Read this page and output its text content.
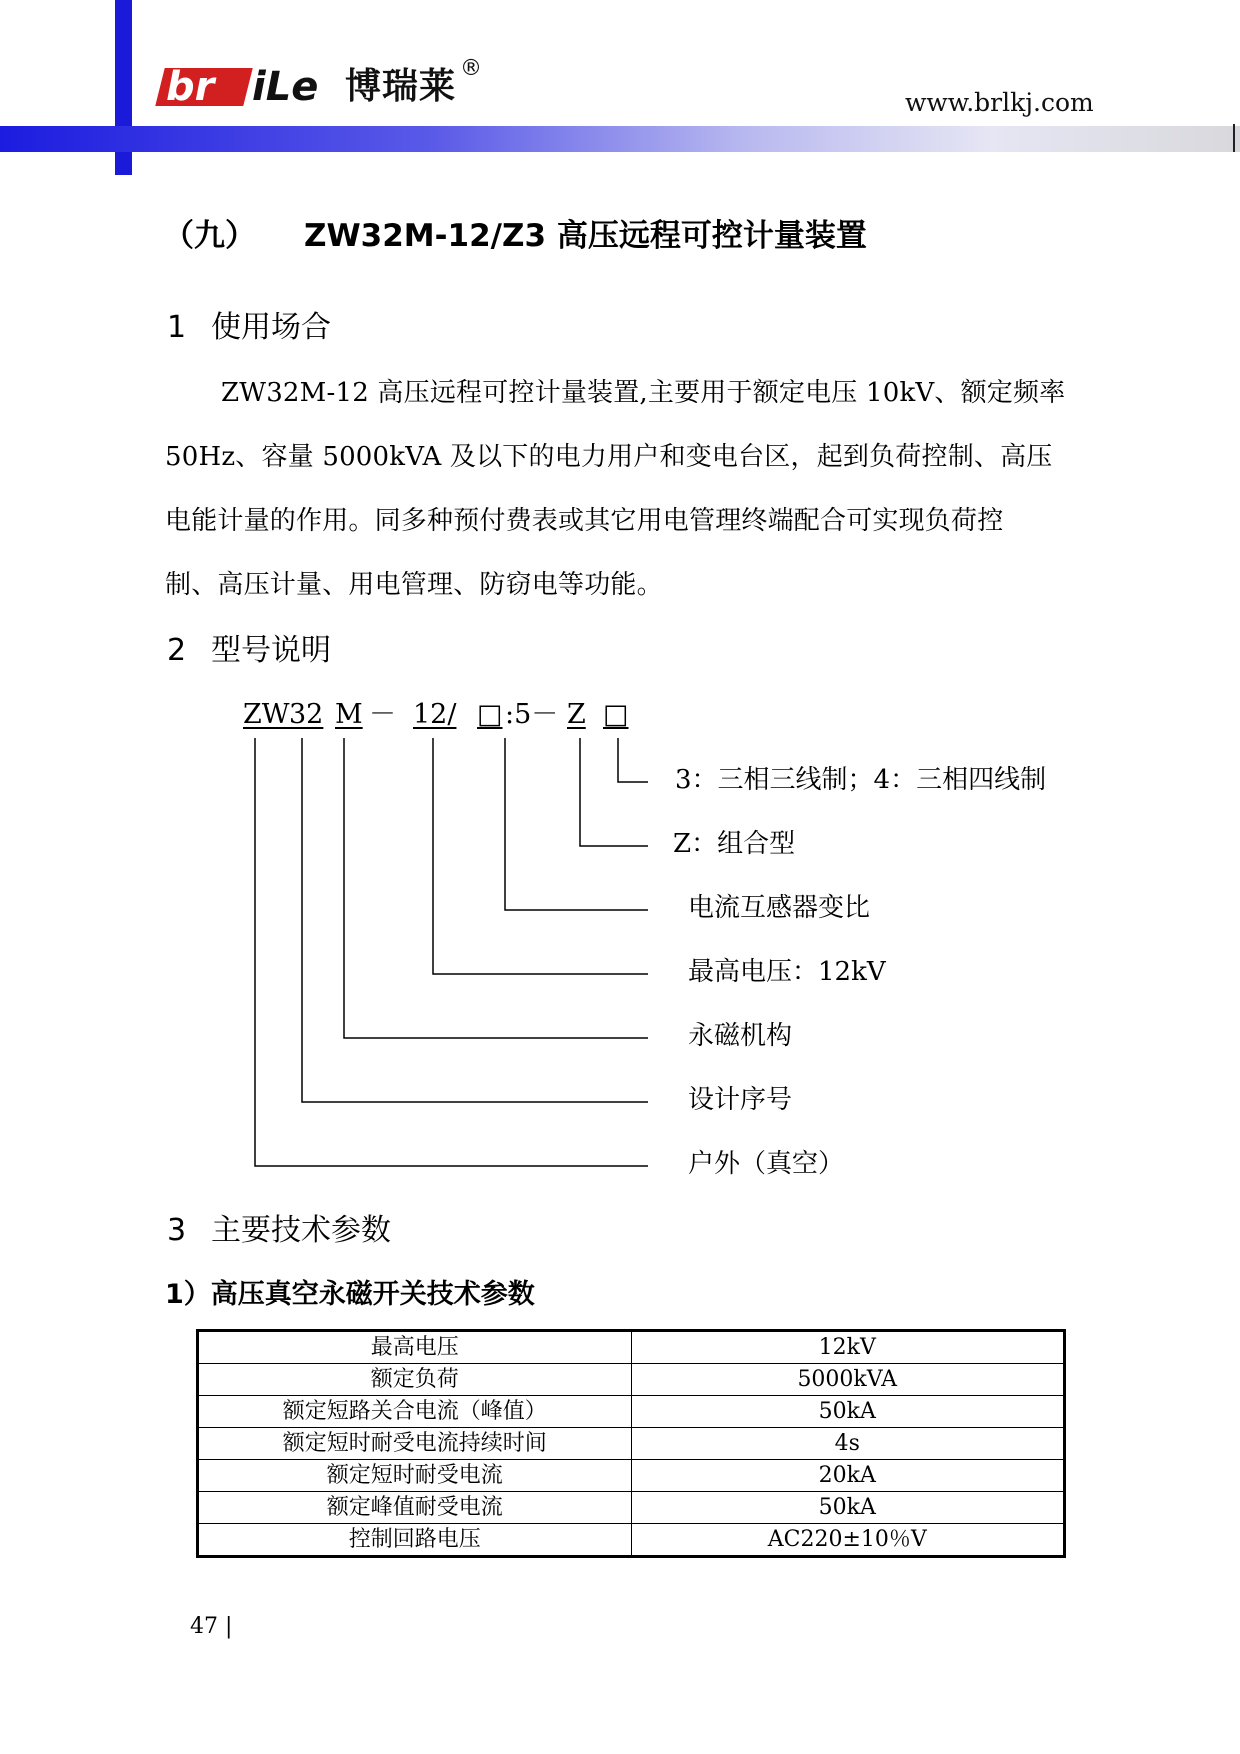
br iLe 博瑞莱 ®
www.brlkj.com
（九） ZW32M-12/Z3 高压远程可控计量装置
1 使用场合
ZW32M-12 高压远程可控计量装置,主要用于额定电压 10kV、额定频率
50Hz、容量 5000kVA 及以下的电力用户和变电台区，起到负荷控制、高压
电能计量的作用。同多种预付费表或其它用电管理终端配合可实现负荷控
制、高压计量、用电管理、防窃电等功能。
2 型号说明

ZW

32

M

－

12/

□

:5－

Z

□

3：三相三线制；4：三相四线制
Z：组合型
电流互感器变比
最高电压：12kV
永磁机构
设计序号
户外（真空）
3 主要技术参数
1）高压真空永磁开关技术参数
最高电压	12kV
额定负荷	5000kVA
额定短路关合电流（峰值）	50kA
额定短时耐受电流持续时间	4s
额定短时耐受电流	20kA
额定峰值耐受电流	50kA
控制回路电压	AC220±10％V
47 |
